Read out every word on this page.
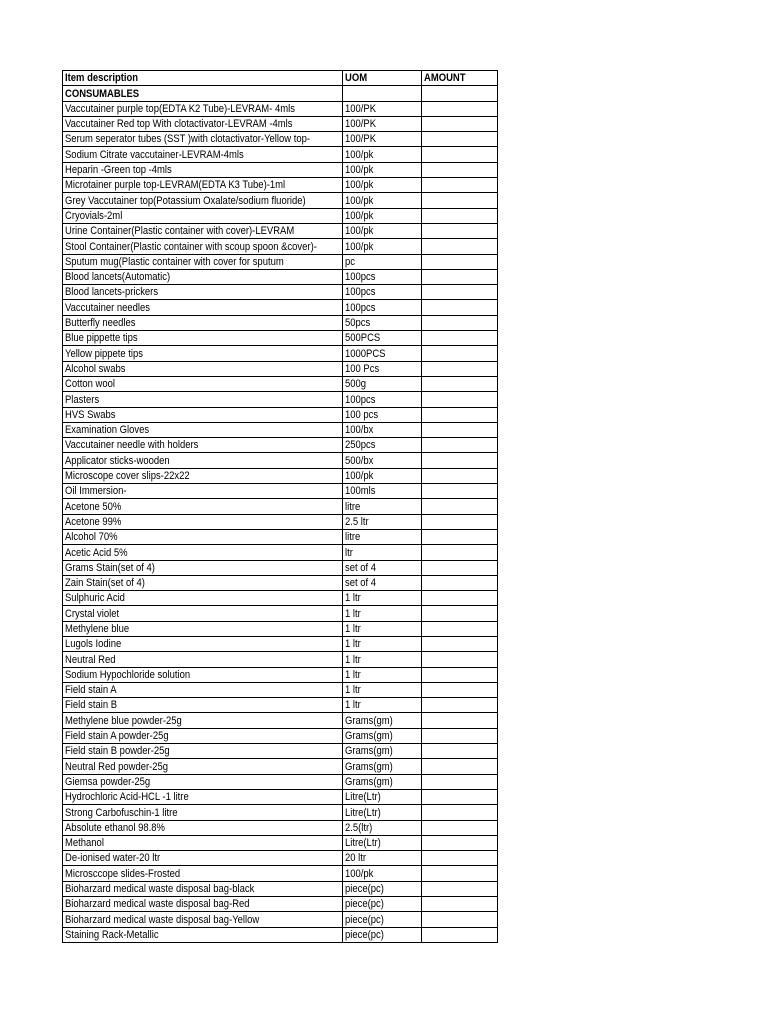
Item description	UOM	AMOUNT
CONSUMABLES		
Vaccutainer purple top(EDTA K2 Tube)-LEVRAM- 4mls	100/PK	
Vaccutainer Red top With clotactivator-LEVRAM -4mls	100/PK	
Serum seperator tubes (SST )with clotactivator-Yellow top-	100/PK	
Sodium Citrate vaccutainer-LEVRAM-4mls	100/pk	
Heparin -Green top -4mls	100/pk	
Microtainer purple top-LEVRAM(EDTA K3 Tube)-1ml	100/pk	
Grey Vaccutainer top(Potassium Oxalate/sodium fluoride)	100/pk	
Cryovials-2ml	100/pk	
Urine Container(Plastic container with cover)-LEVRAM	100/pk	
Stool Container(Plastic container with scoup spoon &cover)-	100/pk	
Sputum mug(Plastic container with cover for sputum	pc	
Blood lancets(Automatic)	100pcs	
Blood lancets-prickers	100pcs	
Vaccutainer needles	100pcs	
Butterfly needles	50pcs	
Blue pippette tips	500PCS	
Yellow pippete tips	1000PCS	
Alcohol swabs	100 Pcs	
Cotton wool	500g	
Plasters	100pcs	
HVS Swabs	100 pcs	
Examination Gloves	100/bx	
Vaccutainer needle with holders	250pcs	
Applicator sticks-wooden	500/bx	
Microscope cover slips-22x22	100/pk	
Oil Immersion-	100mls	
Acetone 50%	litre	
Acetone 99%	2.5 ltr	
Alcohol 70%	litre	
Acetic Acid 5%	ltr	
Grams Stain(set of 4)	set of 4	
Zain Stain(set of 4)	set of 4	
Sulphuric Acid	1 ltr	
Crystal violet	1 ltr	
Methylene blue	1 ltr	
Lugols Iodine	1 ltr	
Neutral Red	1 ltr	
Sodium Hypochloride solution	1 ltr	
Field stain A	1 ltr	
Field stain B	1 ltr	
Methylene blue powder-25g	Grams(gm)	
Field stain A powder-25g	Grams(gm)	
Field stain B powder-25g	Grams(gm)	
Neutral Red powder-25g	Grams(gm)	
Giemsa powder-25g	Grams(gm)	
Hydrochloric Acid-HCL -1 litre	Litre(Ltr)	
Strong Carbofuschin-1 litre	Litre(Ltr)	
Absolute ethanol 98.8%	2.5(ltr)	
Methanol	Litre(Ltr)	
De-ionised water-20 ltr	20 ltr	
Microsccope slides-Frosted	100/pk	
Bioharzard medical waste disposal bag-black	piece(pc)	
Bioharzard medical waste disposal bag-Red	piece(pc)	
Bioharzard medical waste disposal bag-Yellow	piece(pc)	
Staining Rack-Metallic	piece(pc)	
